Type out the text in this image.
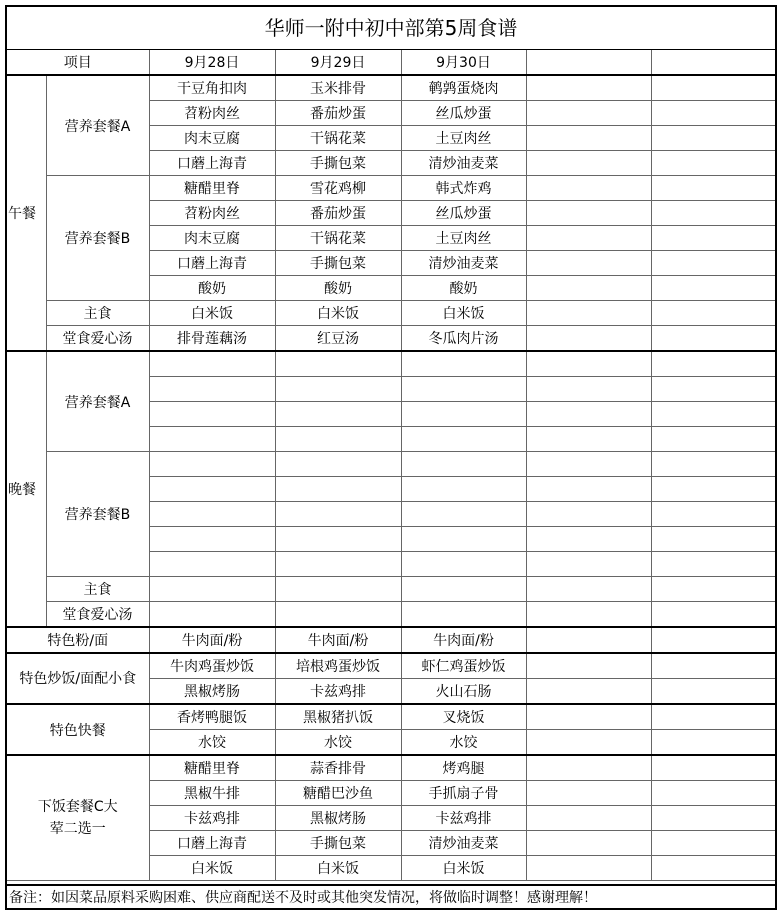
华师一附中初中部第5周食谱
项目		9月28日	9月29日	9月30日		
午餐	营养套餐A	干豆角扣肉	玉米排骨	鹌鹑蛋烧肉		
		苕粉肉丝	番茄炒蛋	丝瓜炒蛋		
		肉末豆腐	干锅花菜	土豆肉丝		
		口蘑上海青	手撕包菜	清炒油麦菜		
	营养套餐B	糖醋里脊	雪花鸡柳	韩式炸鸡		
		苕粉肉丝	番茄炒蛋	丝瓜炒蛋		
		肉末豆腐	干锅花菜	土豆肉丝		
		口蘑上海青	手撕包菜	清炒油麦菜		
		酸奶	酸奶	酸奶		
	主食	白米饭	白米饭	白米饭		
	堂食爱心汤	排骨莲藕汤	红豆汤	冬瓜肉片汤		
晚餐	营养套餐A					

	营养套餐B					

	主食					
	堂食爱心汤					
特色粉/面		牛肉面/粉	牛肉面/粉	牛肉面/粉		
特色炒饭/面配小食		牛肉鸡蛋炒饭	培根鸡蛋炒饭	虾仁鸡蛋炒饭		
		黑椒烤肠	卡兹鸡排	火山石肠		
特色快餐		香烤鸭腿饭	黑椒猪扒饭	叉烧饭		
		水饺	水饺	水饺		
下饭套餐C大荤二选一		糖醋里脊	蒜香排骨	烤鸡腿		
		黑椒牛排	糖醋巴沙鱼	手抓扇子骨		
		卡兹鸡排	黑椒烤肠	卡兹鸡排		
		口蘑上海青	手撕包菜	清炒油麦菜		
		白米饭	白米饭	白米饭		
备注：如因菜品原料采购困难、供应商配送不及时或其他突发情况，将做临时调整！感谢理解！
